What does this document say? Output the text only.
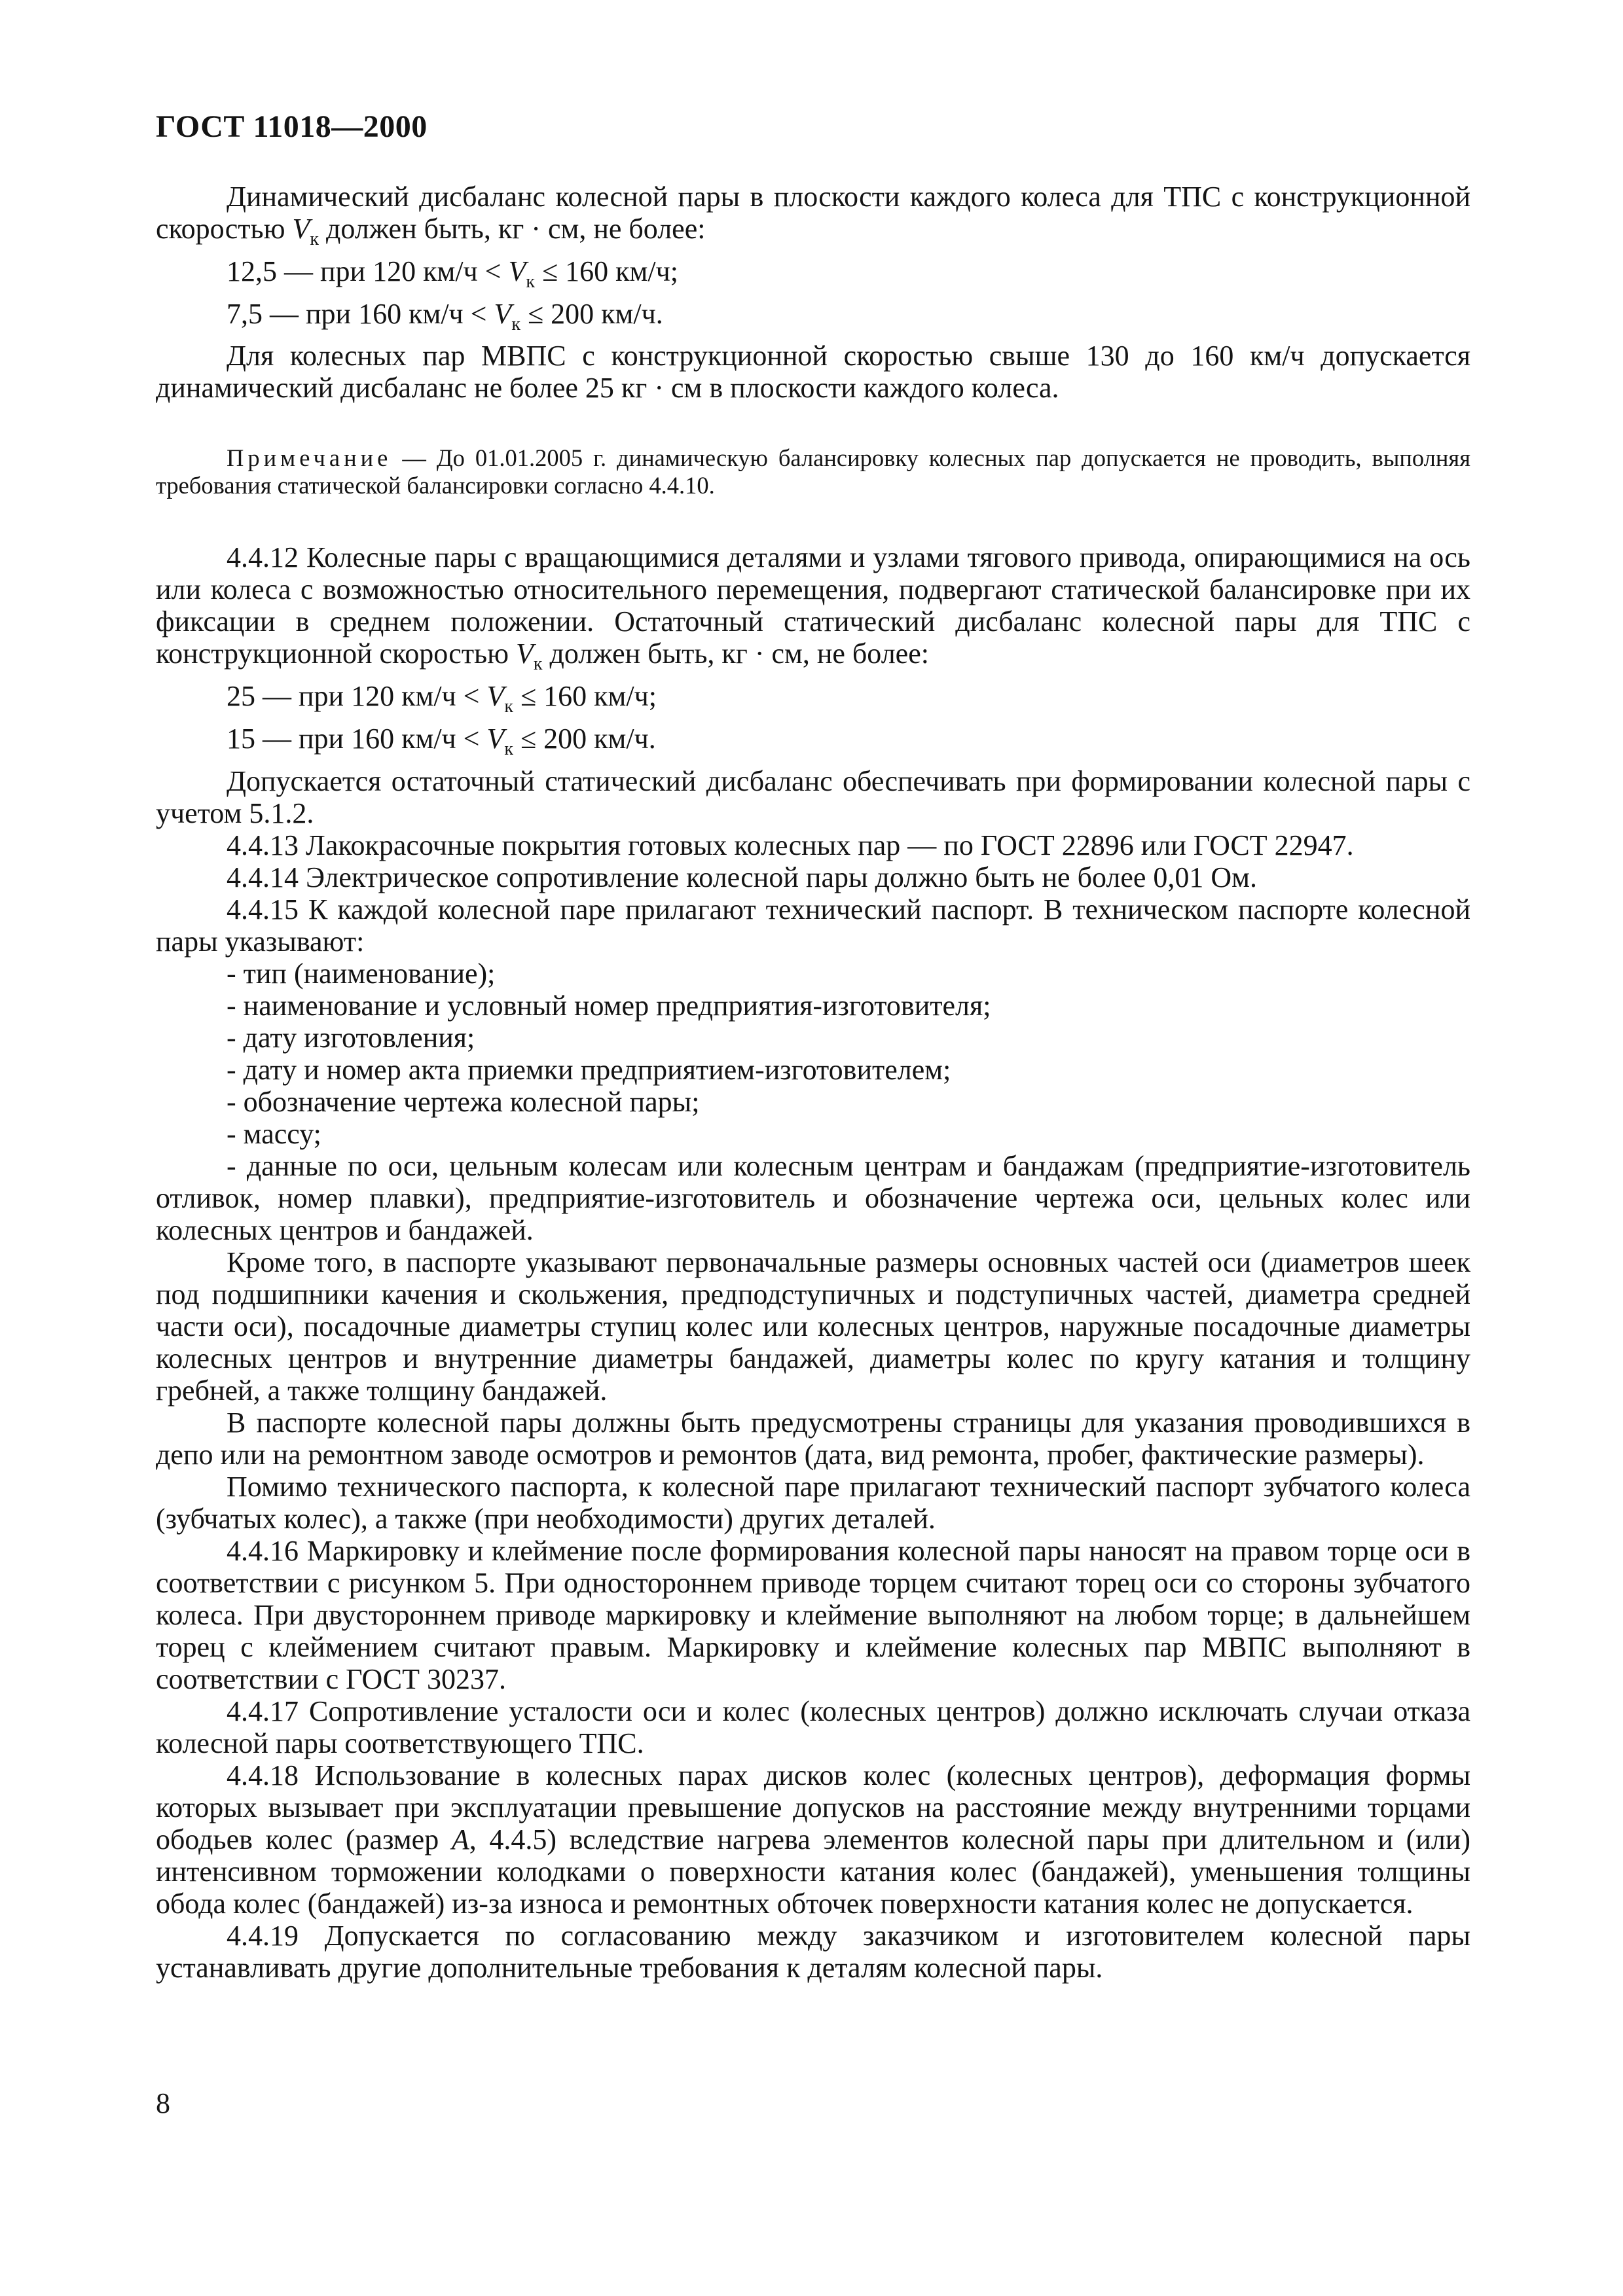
ГОСТ 11018—2000

Динамический дисбаланс колесной пары в плоскости каждого колеса для ТПС с конструкционной скоростью $V_к$ должен быть, кг · см, не более:

12,5 — при 120 $км/ч < V_к \le 160$ км/ч;

7,5 — при 160 $км/ч < V_к \le 200$ км/ч.

Для колесных пар МВПС с конструкционной скоростью свыше 130 до 160 км/ч допускается динамический дисбаланс не более 25 кг · см в плоскости каждого колеса.

Примечание — До 01.01.2005 г. динамическую балансировку колесных пар допускается не проводить, выполняя требования статической балансировки согласно 4.4.10.

4.4.12 Колесные пары с вращающимися деталями и узлами тягового привода, опирающимися на ось или колеса с возможностью относительного перемещения, подвергают статической балансировке при их фиксации в среднем положении. Остаточный статический дисбаланс колесной пары для ТПС с конструкционной скоростью $V_к$ должен быть, кг · см, не более:

25 — при 120 $км/ч < V_к \le 160$ км/ч;

15 — при 160 $км/ч < V_к \le 200$ км/ч.

Допускается остаточный статический дисбаланс обеспечивать при формировании колесной пары с учетом 5.1.2.

4.4.13 Лакокрасочные покрытия готовых колесных пар — по ГОСТ 22896 или ГОСТ 22947.

4.4.14 Электрическое сопротивление колесной пары должно быть не более 0,01 Ом.

4.4.15 К каждой колесной паре прилагают технический паспорт. В техническом паспорте колесной пары указывают:

- тип (наименование);

- наименование и условный номер предприятия-изготовителя;

- дату изготовления;

- дату и номер акта приемки предприятием-изготовителем;

- обозначение чертежа колесной пары;

- массу;

- данные по оси, цельным колесам или колесным центрам и бандажам (предприятие-изготовитель отливок, номер плавки), предприятие-изготовитель и обозначение чертежа оси, цельных колес или колесных центров и бандажей.

Кроме того, в паспорте указывают первоначальные размеры основных частей оси (диаметров шеек под подшипники качения и скольжения, предподступичных и подступичных частей, диаметра средней части оси), посадочные диаметры ступиц колес или колесных центров, наружные посадочные диаметры колесных центров и внутренние диаметры бандажей, диаметры колес по кругу катания и толщину гребней, а также толщину бандажей.

В паспорте колесной пары должны быть предусмотрены страницы для указания проводившихся в депо или на ремонтном заводе осмотров и ремонтов (дата, вид ремонта, пробег, фактические размеры).

Помимо технического паспорта, к колесной паре прилагают технический паспорт зубчатого колеса (зубчатых колес), а также (при необходимости) других деталей.

4.4.16 Маркировку и клеймение после формирования колесной пары наносят на правом торце оси в соответствии с рисунком 5. При одностороннем приводе торцем считают торец оси со стороны зубчатого колеса. При двустороннем приводе маркировку и клеймение выполняют на любом торце; в дальнейшем торец с клеймением считают правым. Маркировку и клеймение колесных пар МВПС выполняют в соответствии с ГОСТ 30237.

4.4.17 Сопротивление усталости оси и колес (колесных центров) должно исключать случаи отказа колесной пары соответствующего ТПС.

4.4.18 Использование в колесных парах дисков колес (колесных центров), деформация формы которых вызывает при эксплуатации превышение допусков на расстояние между внутренними торцами ободьев колес (размер А, 4.4.5) вследствие нагрева элементов колесной пары при длительном и (или) интенсивном торможении колодками о поверхности катания колес (бандажей), уменьшения толщины обода колес (бандажей) из-за износа и ремонтных обточек поверхности катания колес не допускается.

4.4.19 Допускается по согласованию между заказчиком и изготовителем колесной пары устанавливать другие дополнительные требования к деталям колесной пары.

8
